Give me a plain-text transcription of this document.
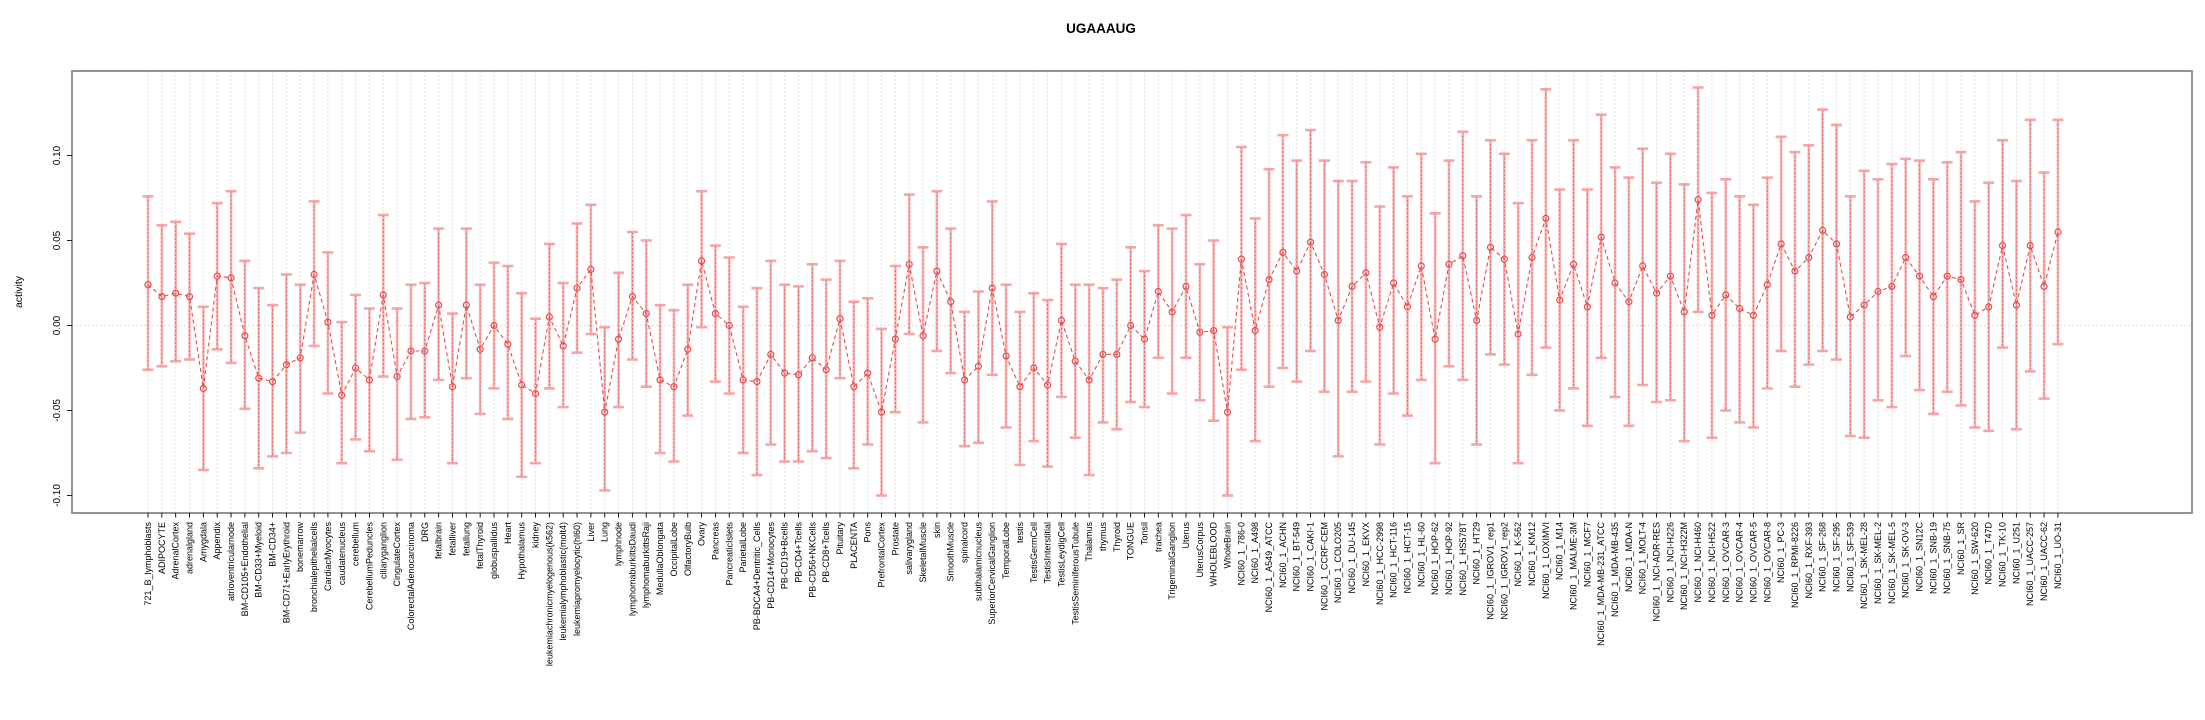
721_B_lymphoblasts ADIPOCYTE AdrenalCortex adrenalgland Amygdala Appendix atrioventricularnode BM-CD105+Endothelial BM-CD33+Myeloid BM-CD34+ BM-CD71+EarlyErythroid bonemarrow bronchialepithelialcells CardiacMyocytes caudatenucleus cerebellum CerebellumPeduncles ciliaryganglion CingulateCortex ColorectalAdenocarcinoma DRG fetalbrain fetalliver fetallung fetalThyroid globuspallidus Heart Hypothalamus kidney leukemiachronicmyelogenous(k562) leukemialymphoblastic(molt4) leukemiapromyelocytic(hl60) Liver Lung lymphnode lymphomaburkittsDaudi lymphomaburkittsRaji MedullaOblongata OccipitalLobe OlfactoryBulb Ovary Pancreas PancreaticIslets ParietalLobe PB-BDCA4+Dentritic_Cells PB-CD14+Monocytes PB-CD19+Bcells PB-CD4+Tcells PB-CD56+NKCells PB-CD8+Tcells Pituitary PLACENTA Pons PrefrontalCortex Prostate salivarygland SkeletalMuscle skin SmoothMuscle spinalcord subthalamicnucleus SuperiorCervicalGanglion TemporalLobe testis TestisGermCell TestisInterstitial TestisLeydigCell TestisSeminiferousTubule Thalamus thymus Thyroid TONGUE Tonsil trachea TrigeminalGanglion Uterus UterusCorpus WHOLEBLOOD WholeBrain NCI60_1_786-0 NCI60_1_A498 NCI60_1_A549_ATCC NCI60_1_ACHN NCI60_1_BT-549 NCI60_1_CAKI-1 NCI60_1_CCRF-CEM NCI60_1_COLO205 NCI60_1_DU-145 NCI60_1_EKVX NCI60_1_HCC-2998 NCI60_1_HCT-116 NCI60_1_HCT-15 NCI60_1_HL-60 NCI60_1_HOP-62 NCI60_1_HOP-92 NCI60_1_HS578T NCI60_1_HT29 NCI60_1_IGROV1_rep1 NCI60_1_IGROV1_rep2 NCI60_1_K-562 NCI60_1_KM12 NCI60_1_LOXIMVI NCI60_1_M14 NCI60_1_MALME-3M NCI60_1_MCF7 NCI60_1_MDA-MB-231_ATCC NCI60_1_MDA-MB-435 NCI60_1_MDA-N NCI60_1_MOLT-4 NCI60_1_NCI-ADR-RES NCI60_1_NCI-H226 NCI60_1_NCI-H322M NCI60_1_NCI-H460 NCI60_1_NCI-H522 NCI60_1_OVCAR-3 NCI60_1_OVCAR-4 NCI60_1_OVCAR-5 NCI60_1_OVCAR-8 NCI60_1_PC-3 NCI60_1_RPMI-8226 NCI60_1_RXF-393 NCI60_1_SF-268 NCI60_1_SF-295 NCI60_1_SF-539 NCI60_1_SK-MEL-28 NCI60_1_SK-MEL-2 NCI60_1_SK-MEL-5 NCI60_1_SK-OV-3 NCI60_1_SN12C NCI60_1_SNB-19 NCI60_1_SNB-75 NCI60_1_SR NCI60_1_SW-620 NCI60_1_T47D NCI60_1_TK-10 NCI60_1_U251 NCI60_1_UACC-257 NCI60_1_UACC-62 NCI60_1_UO-31
-0.10
-0.05
0.00
0.05
0.10
activity
UGAAAUG
